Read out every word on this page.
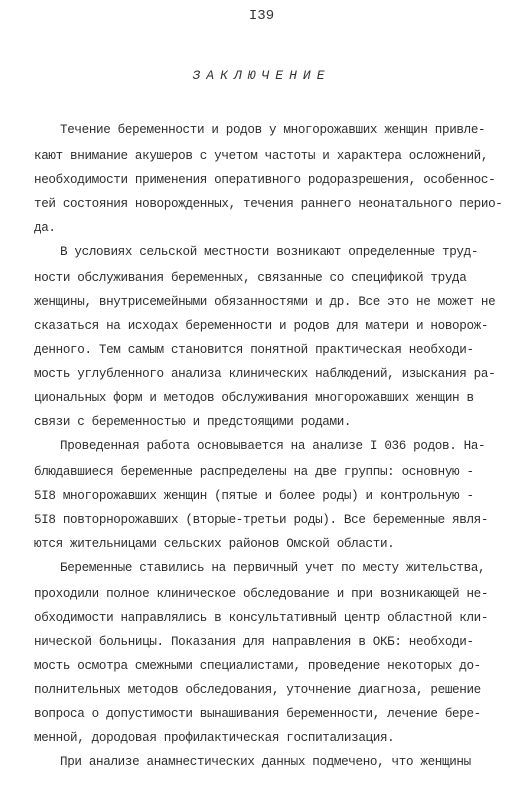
I39
ЗАКЛЮЧЕНИЕ
Течение беременности и родов у многорожавших женщин привле-
кают внимание акушеров с учетом частоты и характера осложнений,
необходимости применения оперативного родоразрешения, особеннос-
тей состояния новорожденных, течения раннего неонатального перио-
да.
В условиях сельской местности возникают определенные труд-
ности обслуживания беременных, связанные со спецификой труда
женщины, внутрисемейными обязанностями и др. Все это не может не
сказаться на исходах беременности и родов для матери и новорож-
денного. Тем самым становится понятной практическая необходи-
мость углубленного анализа клинических наблюдений, изыскания ра-
циональных форм и методов обслуживания многорожавших женщин в
связи с беременностью и предстоящими родами.
Проведенная работа основывается на анализе I 036 родов. На-
блюдавшиеся беременные распределены на две группы: основную -
5I8 многорожавших женщин (пятые и более роды) и контрольную -
5I8 повторнорожавших (вторые-третьи роды). Все беременные явля-
ются жительницами сельских районов Омской области.
Беременные ставились на первичный учет по месту жительства,
проходили полное клиническое обследование и при возникающей не-
обходимости направлялись в консультативный центр областной кли-
нической больницы. Показания для направления в ОКБ: необходи-
мость осмотра смежными специалистами, проведение некоторых до-
полнительных методов обследования, уточнение диагноза, решение
вопроса о допустимости вынашивания беременности, лечение бере-
менной, дородовая профилактическая госпитализация.
При анализе анамнестических данных подмечено, что женщины
